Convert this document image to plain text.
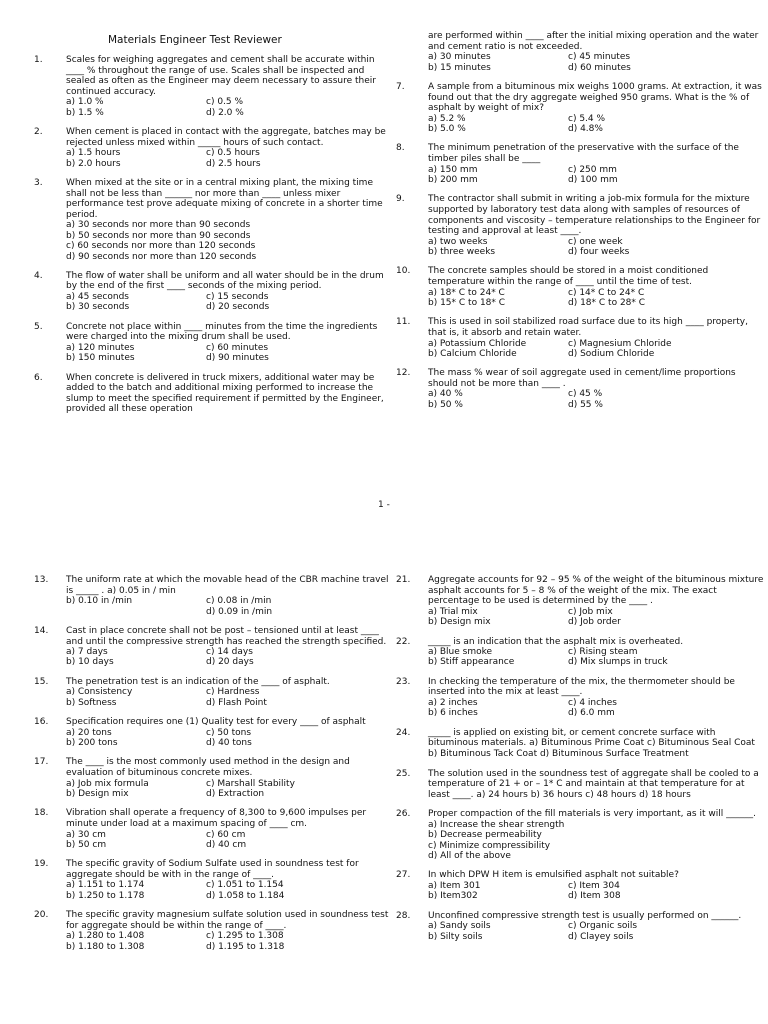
Materials Engineer Test Reviewer
1.	Scales for weighing aggregates and cement shall be accurate within ____ % throughout the range of use. Scales shall be inspected and sealed as often as the Engineer may deem necessary to assure their continued accuracy.
a) 1.0 %	c) 0.5 %
b) 1.5 %	d) 2.0 %
2.	When cement is placed in contact with the aggregate, batches may be rejected unless mixed within _____ hours of such contact.
a) 1.5 hours	c) 0.5 hours
b) 2.0 hours	d) 2.5 hours
3.	When mixed at the site or in a central mixing plant, the mixing time shall not be less than ______ nor more than ____ unless mixer performance test prove adequate mixing of concrete in a shorter time period.
a) 30 seconds nor more than 90 seconds
b) 50 seconds nor more than 90 seconds
c) 60 seconds nor more than 120 seconds
d) 90 seconds nor more than 120 seconds
4.	The flow of water shall be uniform and all water should be in the drum by the end of the first ____ seconds of the mixing period.
a) 45 seconds	c) 15 seconds
b) 30 seconds	d) 20 seconds
5.	Concrete not place within ____ minutes from the time the ingredients were charged into the mixing drum shall be used.
a) 120 minutes	c) 60 minutes
b) 150 minutes	d) 90 minutes
6.	When concrete is delivered in truck mixers, additional water may be added to the batch and additional mixing performed to increase the slump to meet the specified requirement if permitted by the Engineer, provided all these operation
are performed within ____ after the initial mixing operation and the water and cement ratio is not exceeded.
a) 30 minutes	c) 45 minutes
b) 15 minutes	d) 60 minutes
7.	A sample from a bituminous mix weighs 1000 grams. At extraction, it was found out that the dry aggregate weighed 950 grams. What is the % of asphalt by weight of mix?
a) 5.2 %	c) 5.4 %
b) 5.0 %	d) 4.8%
8.	The minimum penetration of the preservative with the surface of the timber piles shall be ____
a) 150 mm	c) 250 mm
b) 200 mm	d) 100 mm
9.	The contractor shall submit in writing a job-mix formula for the mixture supported by laboratory test data along with samples of resources of components and viscosity – temperature relationships to the Engineer for testing and approval at least ____.
a) two weeks	c) one week
b) three weeks	d) four weeks
10. The concrete samples should be stored in a moist conditioned temperature within the range of ____ until the time of test.
a) 18* C to 24* C	c) 14* C to 24* C
b) 15* C to 18* C	d) 18* C to 28* C
11. This is used in soil stabilized road surface due to its high ____ property, that is, it absorb and retain water.
a) Potassium Chloride	c) Magnesium Chloride
b) Calcium Chloride	d) Sodium Chloride
12. The mass % wear of soil aggregate used in cement/lime proportions should not be more than ____ .
a) 40 %	c) 45 %
b) 50 %	d) 55 %
1 -
13. The uniform rate at which the movable head of the CBR machine travel is _____ . a) 0.05 in / min
b) 0.10 in /min	c) 0.08 in /min
d) 0.09 in /min
14. Cast in place concrete shall not be post – tensioned until at least ____ and until the compressive strength has reached the strength specified.
a) 7 days	c) 14 days
b) 10 days	d) 20 days
15. The penetration test is an indication of the ____ of asphalt.
a) Consistency	c) Hardness
b) Softness	d) Flash Point
16. Specification requires one (1) Quality test for every ____ of asphalt
a) 20 tons	c) 50 tons
b) 200 tons	d) 40 tons
17. The ____ is the most commonly used method in the design and evaluation of bituminous concrete mixes.
a) Job mix formula	c) Marshall Stability
b) Design mix	d) Extraction
18. Vibration shall operate a frequency of 8,300 to 9,600 impulses per minute under load at a maximum spacing of ____ cm.
a) 30 cm	c) 60 cm
b) 50 cm	d) 40 cm
19. The specific gravity of Sodium Sulfate used in soundness test for aggregate should be with in the range of ____.
a) 1.151 to 1.174	c) 1.051 to 1.154
b) 1.250 to 1.178	d) 1.058 to 1.184
20. The specific gravity magnesium sulfate solution used in soundness test for aggregate should be within the range of ____.
a) 1.280 to 1.408	c) 1.295 to 1.308
b) 1.180 to 1.308	d) 1.195 to 1.318
21. Aggregate accounts for 92 – 95 % of the weight of the bituminous mixture asphalt accounts for 5 – 8 % of the weight of the mix. The exact percentage to be used is determined by the ____ .
a) Trial mix	c) Job mix
b) Design mix	d) Job order
22. _____ is an indication that the asphalt mix is overheated.
a) Blue smoke	c) Rising steam
b) Stiff appearance	d) Mix slumps in truck
23. In checking the temperature of the mix, the thermometer should be inserted into the mix at least ____.
a) 2 inches	c) 4 inches
b) 6 inches	d) 6.0 mm
24. _____ is applied on existing bit, or cement concrete surface with bituminous materials. a) Bituminous Prime Coat c) Bituminous Seal Coat b) Bituminous Tack Coat d) Bituminous Surface Treatment
25. The solution used in the soundness test of aggregate shall be cooled to a temperature of 21 + or – 1* C and maintain at that temperature for at least ____. a) 24 hours b) 36 hours c) 48 hours d) 18 hours
26. Proper compaction of the fill materials is very important, as it will ______.
a) Increase the shear strength
b) Decrease permeability
c) Minimize compressibility
d) All of the above
27. In which DPW H item is emulsified asphalt not suitable?
a) Item 301	c) Item 304
b) Item302	d) Item 308
28. Unconfined compressive strength test is usually performed on ______.
a) Sandy soils	c) Organic soils
b) Silty soils	d) Clayey soils
